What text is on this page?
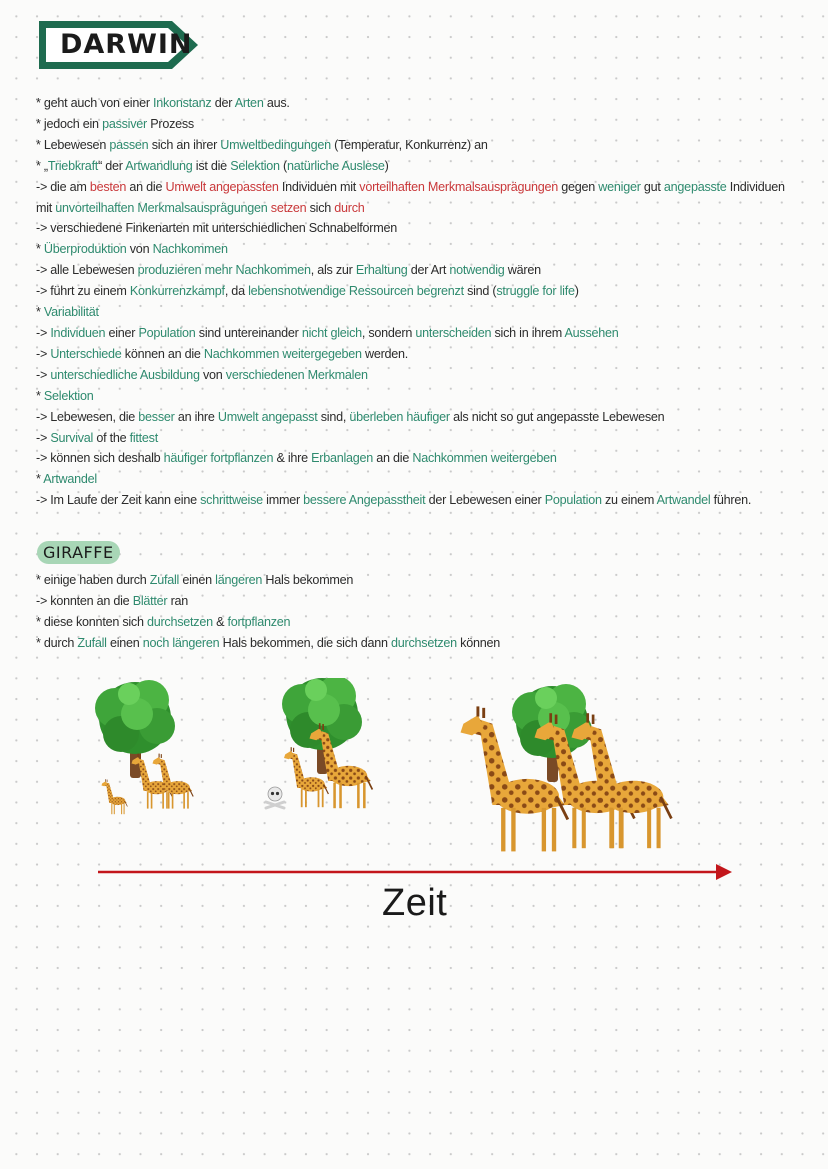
DARWIN
* geht auch von einer Inkonstanz der Arten aus.
* jedoch ein passiver Prozess
* Lebewesen passen sich an ihrer Umweltbedingungen (Temperatur, Konkurrenz) an
* „Triebkraft“ der Artwandlung ist die Selektion (natürliche Auslese)
-> die am besten an die Umwelt angepassten Individuen mit vorteilhaften Merkmalsausprägungen gegen weniger gut angepasste Individuen
mit unvorteilhaften Merkmalsausprägungen setzen sich durch
-> verschiedene Finkenarten mit unterschiedlichen Schnabelformen
* Überproduktion von Nachkommen
-> alle Lebewesen produzieren mehr Nachkommen, als zur Erhaltung der Art notwendig wären
-> führt zu einem Konkurrenzkampf, da lebensnotwendige Ressourcen begrenzt sind (struggle for life)
* Variabilität
-> Individuen einer Population sind untereinander nicht gleich, sondern unterscheiden sich in ihrem Aussehen
-> Unterschiede können an die Nachkommen weitergegeben werden.
-> unterschiedliche Ausbildung von verschiedenen Merkmalen
* Selektion
-> Lebewesen, die besser an ihre Umwelt angepasst sind, überleben häufiger als nicht so gut angepasste Lebewesen
-> Survival of the fittest
-> können sich deshalb häufiger fortpflanzen & ihre Erbanlagen an die Nachkommen weitergeben
* Artwandel
-> Im Laufe der Zeit kann eine schrittweise immer bessere Angepasstheit der Lebewesen einer Population zu einem Artwandel führen.
GIRAFFE
* einige haben durch Zufall einen längeren Hals bekommen
-> konnten an die Blätter ran
* diese konnten sich durchsetzen & fortpflanzen
* durch Zufall einen noch längeren Hals bekommen, die sich dann durchsetzen können
Zeit
